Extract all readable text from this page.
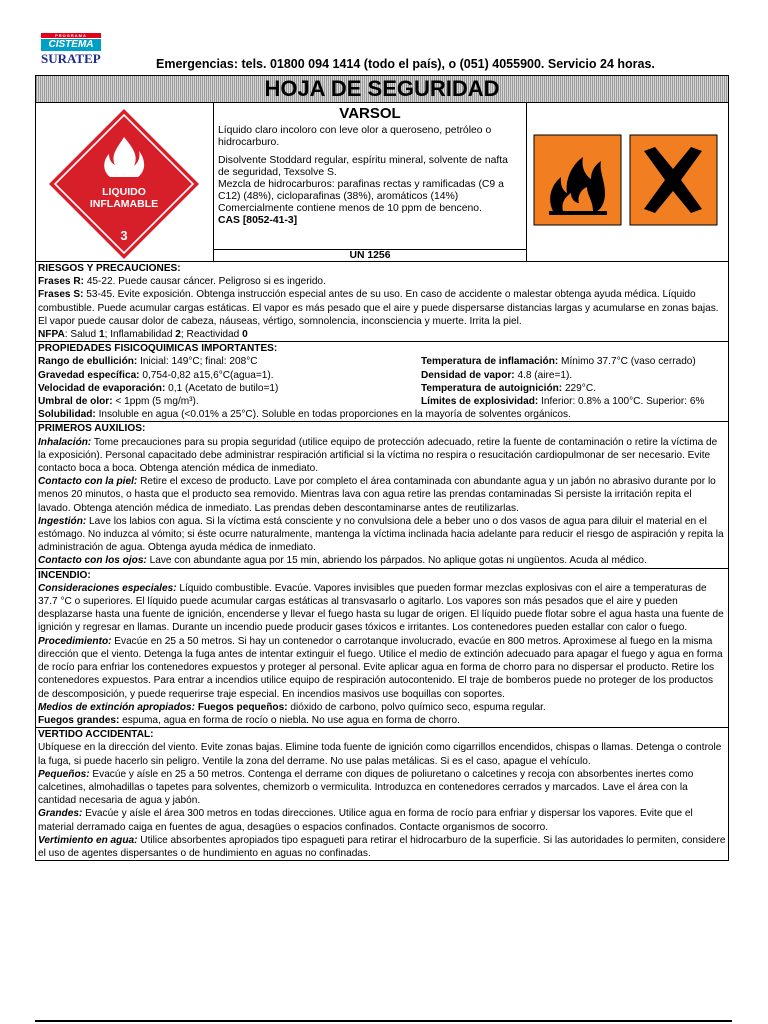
PROGRAMA
CISTEMA
SURATEP	Emergencias: tels. 01800 094 1414 (todo el país), o (051) 4055900. Servicio 24 horas.
HOJA DE SEGURIDAD
LIQUIDO
INFLAMABLE
3
VARSOL

Líquido claro incoloro con leve olor a queroseno, petróleo o hidrocarburo.

Disolvente Stoddard regular, espíritu mineral, solvente de nafta de seguridad, Texsolve S.

Mezcla de hidrocarburos: parafinas rectas y ramificadas (C9 a C12) (48%), cicloparafinas (38%), aromáticos (14%)

Comercialmente contiene menos de 10 ppm de benceno.

CAS [8052-41-3]

UN 1256

RIESGOS Y PRECAUCIONES:

Frases R: 45-22. Puede causar cáncer. Peligroso si es ingerido.

Frases S: 53-45. Evite exposición. Obtenga instrucción especial antes de su uso. En caso de accidente o malestar obtenga ayuda médica. Líquido combustible. Puede acumular cargas estáticas. El vapor es más pesado que el aire y puede dispersarse distancias largas y acumularse en zonas bajas. El vapor puede causar dolor de cabeza, náuseas, vértigo, somnolencia, inconsciencia y muerte. Irrita la piel.

NFPA: Salud 1; Inflamabilidad 2; Reactividad 0

PROPIEDADES FISICOQUIMICAS IMPORTANTES:

Rango de ebullición: Inicial: 149°C; final: 208°C

Gravedad específica: 0,754-0,82 a15,6°C(agua=1).

Velocidad de evaporación: 0,1 (Acetato de butilo=1)

Umbral de olor: < 1ppm (5 mg/m³).

Temperatura de inflamación: Mínimo 37.7°C (vaso cerrado)

Densidad de vapor: 4.8 (aire=1).

Temperatura de autoignición: 229°C.

Límites de explosividad: Inferior: 0.8% a 100°C. Superior: 6%

Solubilidad: Insoluble en agua (<0.01% a 25°C). Soluble en todas proporciones en la mayoría de solventes orgánicos.

PRIMEROS AUXILIOS:

Inhalación: Tome precauciones para su propia seguridad (utilice equipo de protección adecuado, retire la fuente de contaminación o retire la víctima de la exposición). Personal capacitado debe administrar respiración artificial si la víctima no respira o resucitación cardiopulmonar de ser necesario. Evite contacto boca a boca. Obtenga atención médica de inmediato.

Contacto con la piel: Retire el exceso de producto. Lave por completo el área contaminada con abundante agua y un jabón no abrasivo durante por lo menos 20 minutos, o hasta que el producto sea removido. Mientras lava con agua retire las prendas contaminadas Si persiste la irritación repita el lavado. Obtenga atención médica de inmediato. Las prendas deben descontaminarse antes de reutilizarlas.

Ingestión: Lave los labios con agua. Si la víctima está consciente y no convulsiona dele a beber uno o dos vasos de agua para diluir el material en el estómago. No induzca al vómito; si éste ocurre naturalmente, mantenga la víctima inclinada hacia adelante para reducir el riesgo de aspiración y repita la administración de agua. Obtenga ayuda médica de inmediato.

Contacto con los ojos: Lave con abundante agua por 15 min, abriendo los párpados. No aplique gotas ni ungüentos. Acuda al médico.

INCENDIO:

Consideraciones especiales: Líquido combustible. Evacúe. Vapores invisibles que pueden formar mezclas explosivas con el aire a temperaturas de 37.7 °C o superiores. El líquido puede acumular cargas estáticas al transvasarlo o agitarlo. Los vapores son más pesados que el aire y pueden desplazarse hasta una fuente de ignición, encenderse y llevar el fuego hasta su lugar de origen. El líquido puede flotar sobre el agua hasta una fuente de ignición y regresar en llamas. Durante un incendio puede producir gases tóxicos e irritantes. Los contenedores pueden estallar con calor o fuego.

Procedimiento: Evacúe en 25 a 50 metros. Si hay un contenedor o carrotanque involucrado, evacúe en 800 metros. Aproximese al fuego en la misma dirección que el viento. Detenga la fuga antes de intentar extinguir el fuego. Utilice el medio de extinción adecuado para apagar el fuego y agua en forma de rocío para enfriar los contenedores expuestos y proteger al personal. Evite aplicar agua en forma de chorro para no dispersar el producto. Retire los contenedores expuestos. Para entrar a incendios utilice equipo de respiración autocontenido. El traje de bomberos puede no proteger de los productos de descomposición, y puede requerirse traje especial. En incendios masivos use boquillas con soportes.

Medios de extinción apropiados: Fuegos pequeños: dióxido de carbono, polvo químico seco, espuma regular.

Fuegos grandes: espuma, agua en forma de rocío o niebla. No use agua en forma de chorro.

VERTIDO ACCIDENTAL:

Ubíquese en la dirección del viento. Evite zonas bajas. Elimine toda fuente de ignición como cigarrillos encendidos, chispas o llamas. Detenga o controle la fuga, si puede hacerlo sin peligro. Ventile la zona del derrame. No use palas metálicas. Si es el caso, apague el vehículo.

Pequeños: Evacúe y aísle en 25 a 50 metros. Contenga el derrame con diques de poliuretano o calcetines y recoja con absorbentes inertes como calcetines, almohadillas o tapetes para solventes, chemizorb o vermiculita. Introduzca en contenedores cerrados y marcados. Lave el área con la cantidad necesaria de agua y jabón.

Grandes: Evacúe y aísle el área 300 metros en todas direcciones. Utilice agua en forma de rocío para enfriar y dispersar los vapores. Evite que el material derramado caiga en fuentes de agua, desagües o espacios confinados. Contacte organismos de socorro.

Vertimiento en agua: Utilice absorbentes apropiados tipo espagueti para retirar el hidrocarburo de la superficie. Si las autoridades lo permiten, considere el uso de agentes dispersantes o de hundimiento en aguas no confinadas.
